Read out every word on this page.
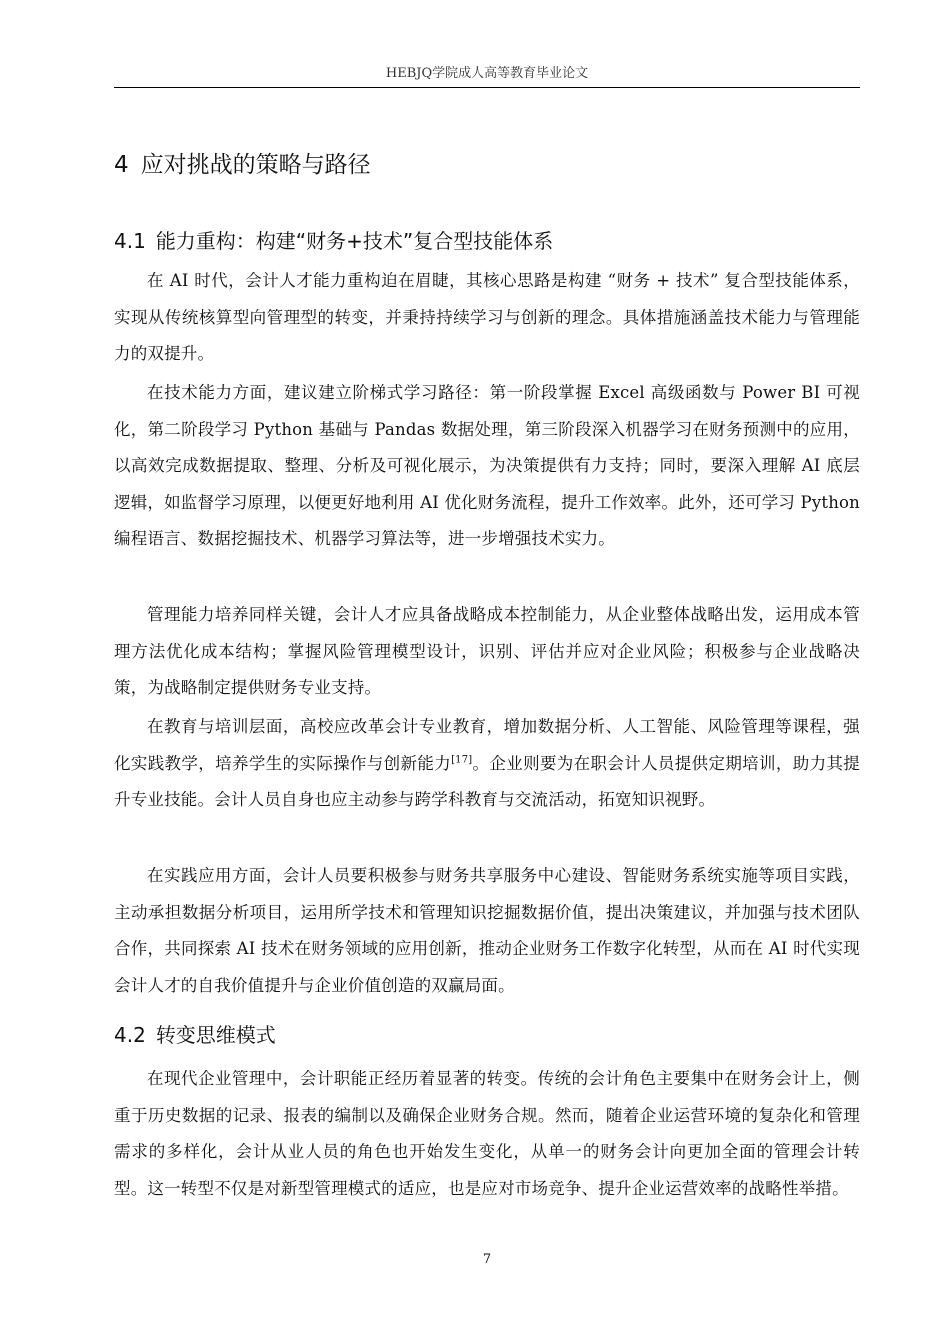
HEBJQ学院成人高等教育毕业论文
4 应对挑战的策略与路径
4.1 能力重构：构建“财务+技术”复合型技能体系

在 AI 时代，会计人才能力重构迫在眉睫，其核心思路是构建 “财务 + 技术” 复合型技能体系，实现从传统核算型向管理型的转变，并秉持持续学习与创新的理念。具体措施涵盖技术能力与管理能力的双提升。

在技术能力方面，建议建立阶梯式学习路径：第一阶段掌握 Excel 高级函数与 Power BI 可视化，第二阶段学习 Python 基础与 Pandas 数据处理，第三阶段深入机器学习在财务预测中的应用，以高效完成数据提取、整理、分析及可视化展示，为决策提供有力支持；同时，要深入理解 AI 底层逻辑，如监督学习原理，以便更好地利用 AI 优化财务流程，提升工作效率。此外，还可学习 Python 编程语言、数据挖掘技术、机器学习算法等，进一步增强技术实力。

管理能力培养同样关键，会计人才应具备战略成本控制能力，从企业整体战略出发，运用成本管理方法优化成本结构；掌握风险管理模型设计，识别、评估并应对企业风险；积极参与企业战略决策，为战略制定提供财务专业支持。

在教育与培训层面，高校应改革会计专业教育，增加数据分析、人工智能、风险管理等课程，强化实践教学，培养学生的实际操作与创新能力[17]。企业则要为在职会计人员提供定期培训，助力其提升专业技能。会计人员自身也应主动参与跨学科教育与交流活动，拓宽知识视野。

在实践应用方面，会计人员要积极参与财务共享服务中心建设、智能财务系统实施等项目实践，主动承担数据分析项目，运用所学技术和管理知识挖掘数据价值，提出决策建议，并加强与技术团队合作，共同探索 AI 技术在财务领域的应用创新，推动企业财务工作数字化转型，从而在 AI 时代实现会计人才的自我价值提升与企业价值创造的双赢局面。

4.2 转变思维模式

在现代企业管理中，会计职能正经历着显著的转变。传统的会计角色主要集中在财务会计上，侧重于历史数据的记录、报表的编制以及确保企业财务合规。然而，随着企业运营环境的复杂化和管理需求的多样化，会计从业人员的角色也开始发生变化，从单一的财务会计向更加全面的管理会计转型。这一转型不仅是对新型管理模式的适应，也是应对市场竞争、提升企业运营效率的战略性举措。

7
